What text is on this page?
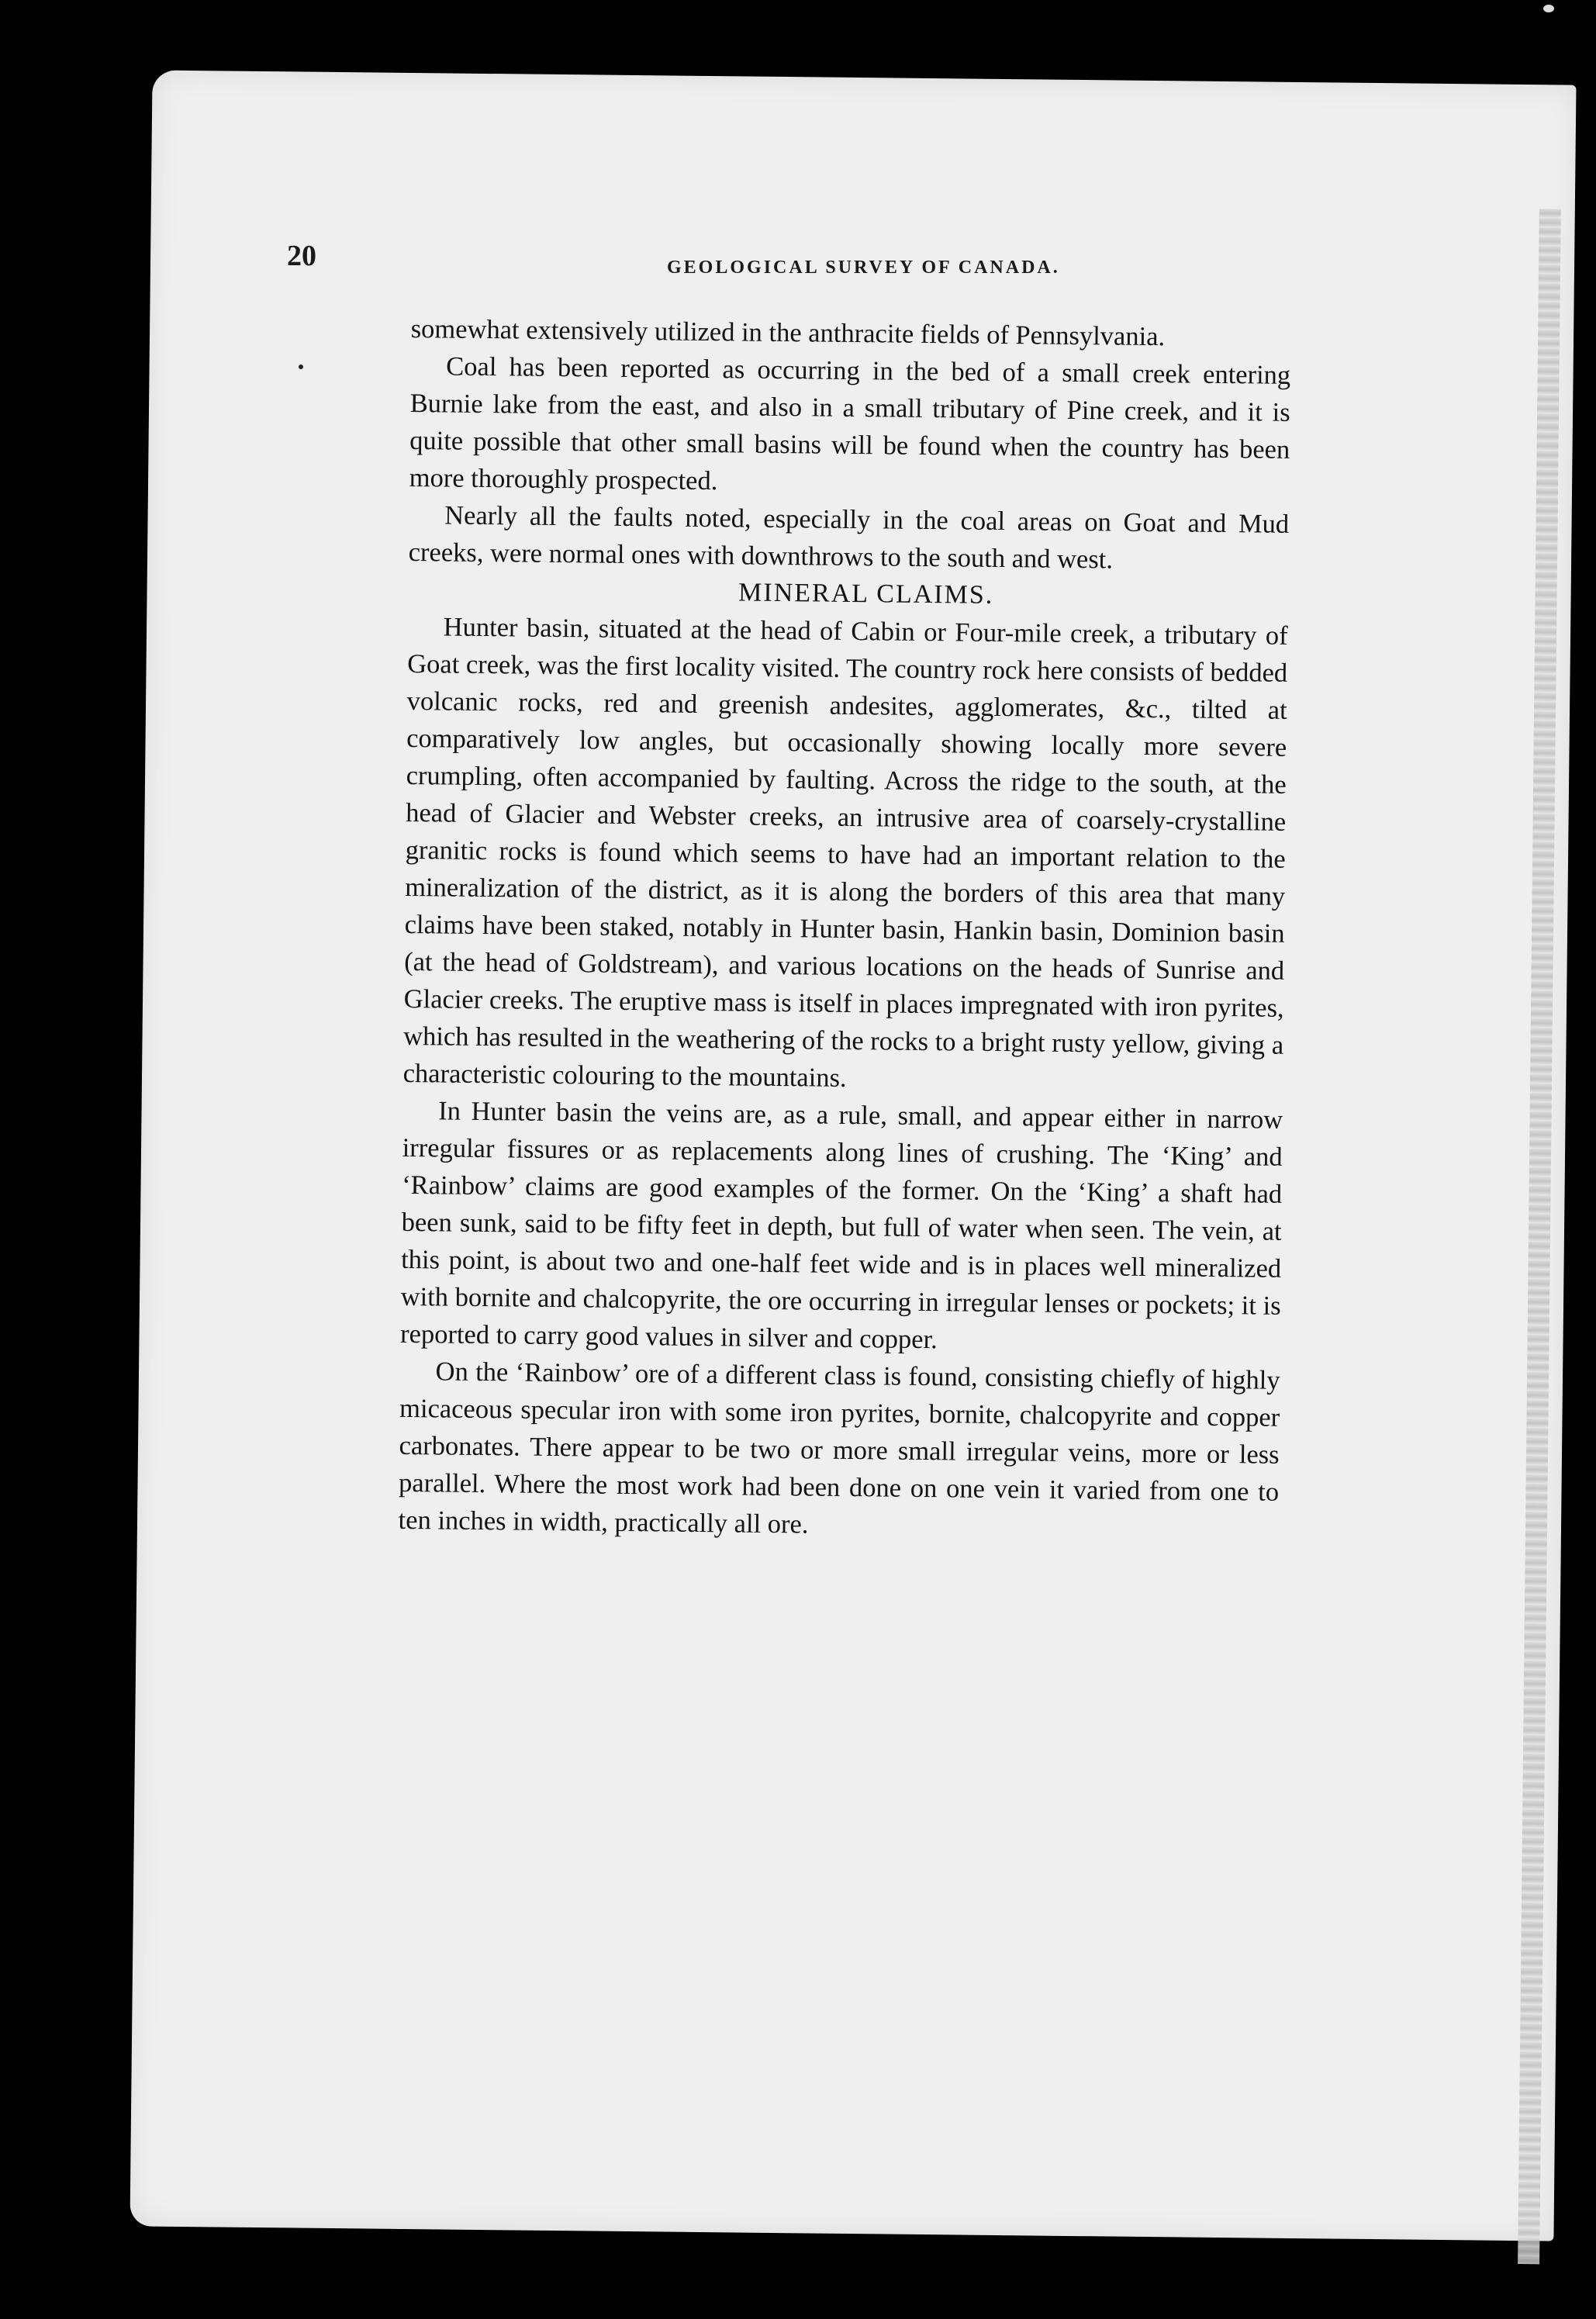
20	GEOLOGICAL SURVEY OF CANADA.

somewhat extensively utilized in the anthracite fields of Pennsylvania.

Coal has been reported as occurring in the bed of a small creek entering Burnie lake from the east, and also in a small tributary of Pine creek, and it is quite possible that other small basins will be found when the country has been more thoroughly prospected.

Nearly all the faults noted, especially in the coal areas on Goat and Mud creeks, were normal ones with downthrows to the south and west.

MINERAL CLAIMS.

Hunter basin, situated at the head of Cabin or Four-mile creek, a tributary of Goat creek, was the first locality visited. The country rock here consists of bedded volcanic rocks, red and greenish andesites, agglomerates, &c., tilted at comparatively low angles, but occasionally showing locally more severe crumpling, often accompanied by faulting. Across the ridge to the south, at the head of Glacier and Webster creeks, an intrusive area of coarsely-crystalline granitic rocks is found which seems to have had an important relation to the mineralization of the district, as it is along the borders of this area that many claims have been staked, notably in Hunter basin, Hankin basin, Dominion basin (at the head of Goldstream), and various locations on the heads of Sunrise and Glacier creeks. The eruptive mass is itself in places impregnated with iron pyrites, which has resulted in the weathering of the rocks to a bright rusty yellow, giving a characteristic colouring to the mountains.

In Hunter basin the veins are, as a rule, small, and appear either in narrow irregular fissures or as replacements along lines of crushing. The ‘King’ and ‘Rainbow’ claims are good examples of the former. On the ‘King’ a shaft had been sunk, said to be fifty feet in depth, but full of water when seen. The vein, at this point, is about two and one-half feet wide and is in places well mineralized with bornite and chalcopyrite, the ore occurring in irregular lenses or pockets; it is reported to carry good values in silver and copper.

On the ‘Rainbow’ ore of a different class is found, consisting chiefly of highly micaceous specular iron with some iron pyrites, bornite, chalcopyrite and copper carbonates. There appear to be two or more small irregular veins, more or less parallel. Where the most work had been done on one vein it varied from one to ten inches in width, practically all ore.
